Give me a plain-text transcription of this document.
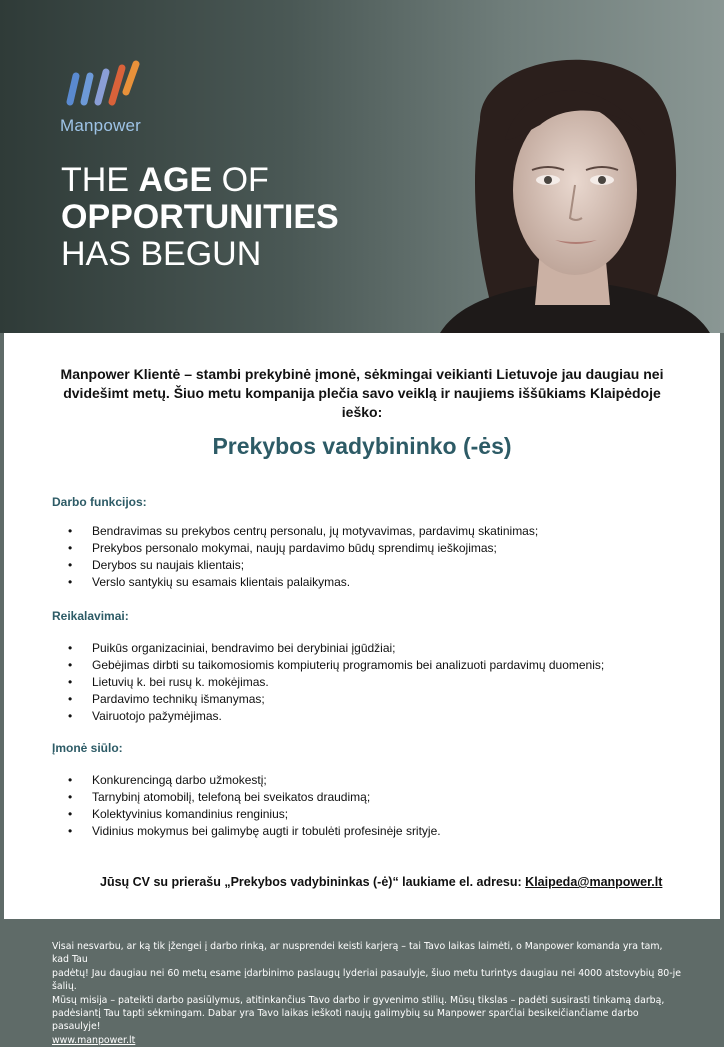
Manpower
THE AGE OF
OPPORTUNITIES
HAS BEGUN
Manpower Klientė – stambi prekybinė įmonė, sėkmingai veikianti Lietuvoje jau daugiau nei dvidešimt metų. Šiuo metu kompanija plečia savo veiklą ir naujiems iššūkiams Klaipėdoje ieško:
Prekybos vadybininko (-ės)
Darbo funkcijos:
• Bendravimas su prekybos centrų personalu, jų motyvavimas, pardavimų skatinimas;
• Prekybos personalo mokymai, naujų pardavimo būdų sprendimų ieškojimas;
• Derybos su naujais klientais;
• Verslo santykių su esamais klientais palaikymas.
Reikalavimai:
• Puikūs organizaciniai, bendravimo bei derybiniai įgūdžiai;
• Gebėjimas dirbti su taikomosiomis kompiuterių programomis bei analizuoti pardavimų duomenis;
• Lietuvių k. bei rusų k. mokėjimas.
• Pardavimo technikų išmanymas;
• Vairuotojo pažymėjimas.
Įmonė siūlo:
• Konkurencingą darbo užmokestį;
• Tarnybinį atomobilį, telefoną bei sveikatos draudimą;
• Kolektyvinius komandinius renginius;
• Vidinius mokymus bei galimybę augti ir tobulėti profesinėje srityje.
Jūsų CV su prierašu „Prekybos vadybininkas (-ė)“ laukiame el. adresu: Klaipeda@manpower.lt
Visai nesvarbu, ar ką tik įžengei į darbo rinką, ar nusprendei keisti karjerą – tai Tavo laikas laimėti, o Manpower komanda yra tam, kad Tau
padėtų! Jau daugiau nei 60 metų esame įdarbinimo paslaugų lyderiai pasaulyje, šiuo metu turintys daugiau nei 4000 atstovybių 80-je šalių.
Mūsų misija – pateikti darbo pasiūlymus, atitinkančius Tavo darbo ir gyvenimo stilių. Mūsų tikslas – padėti susirasti tinkamą darbą,
padėsiantį Tau tapti sėkmingam. Dabar yra Tavo laikas ieškoti naujų galimybių su Manpower sparčiai besikeičiančiame darbo pasaulyje!
www.manpower.lt
